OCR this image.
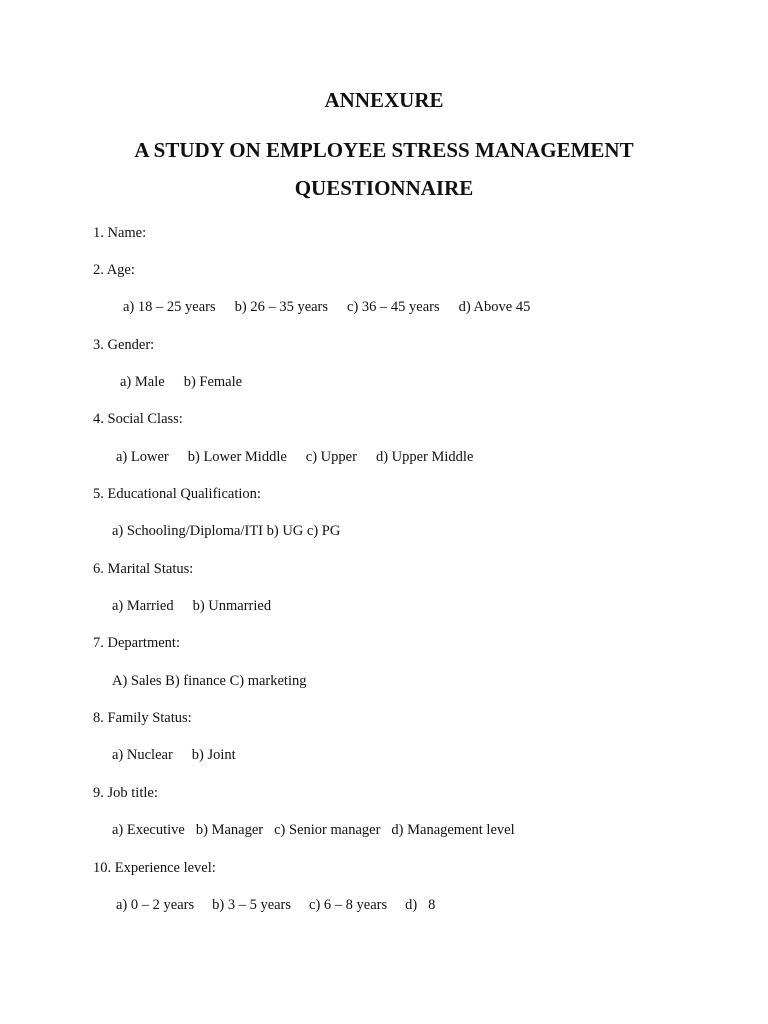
ANNEXURE
A STUDY ON EMPLOYEE STRESS MANAGEMENT
QUESTIONNAIRE
1. Name:
2. Age:
a) 18 – 25 years b) 26 – 35 years c) 36 – 45 years d) Above 45
3. Gender:
a) Male b) Female
4. Social Class:
a) Lower b) Lower Middle c) Upper d) Upper Middle
5. Educational Qualification:
a) Schooling/Diploma/ITI b) UG c) PG
6. Marital Status:
a) Married b) Unmarried
7. Department:
A) Sales B) finance C) marketing
8. Family Status:
a) Nuclear b) Joint
9. Job title:
a) Executive b) Manager c) Senior manager d) Management level
10. Experience level:
a) 0 – 2 years b) 3 – 5 years c) 6 – 8 years d)   8
